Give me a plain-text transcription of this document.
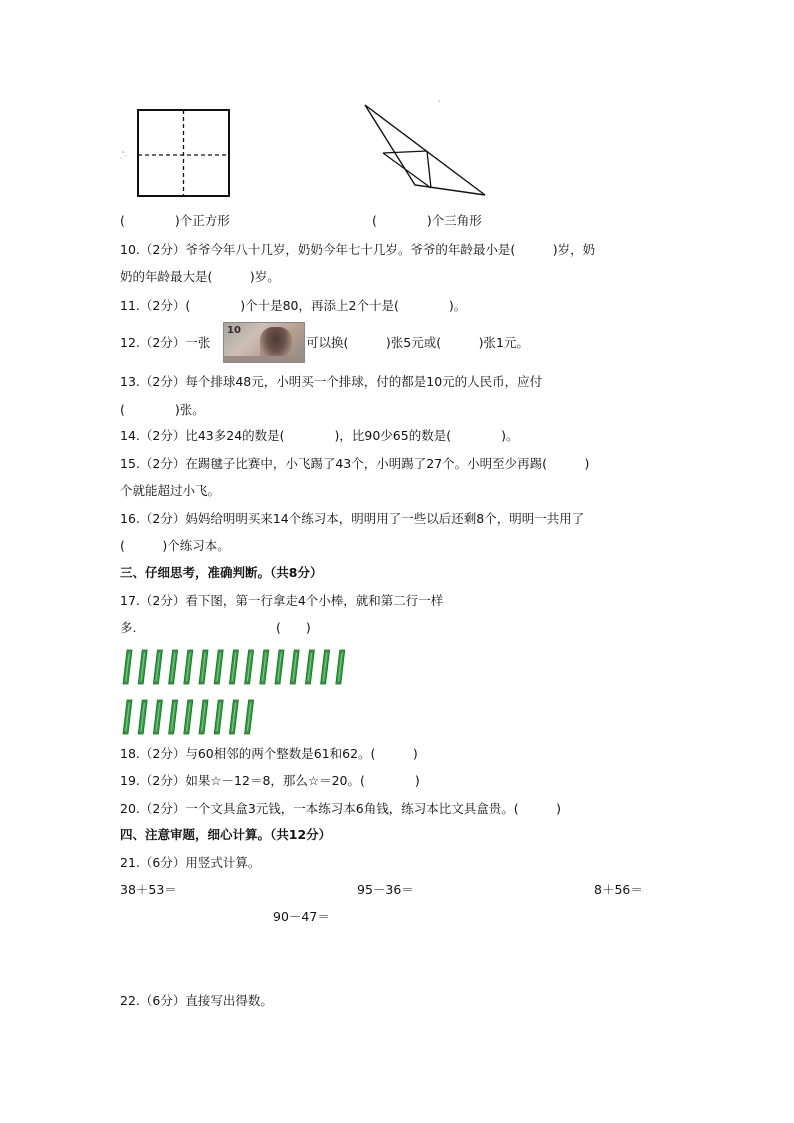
(　　　　)个正方形	(　　　　)个三角形
10.（2分）爷爷今年八十几岁，奶奶今年七十几岁。爷爷的年龄最小是(　　　)岁，奶
奶的年龄最大是(　　　)岁。
11.（2分）(　　　　)个十是80，再添上2个十是(　　　　)。
12.（2分）一张
10
可以换(　　　)张5元或(　　　)张1元。
13.（2分）每个排球48元，小明买一个排球，付的都是10元的人民币，应付
(　　　　)张。
14.（2分）比43多24的数是(　　　　)，比90少65的数是(　　　　)。
15.（2分）在踢毽子比赛中，小飞踢了43个，小明踢了27个。小明至少再踢(　　　)
个就能超过小飞。
16.（2分）妈妈给明明买来14个练习本，明明用了一些以后还剩8个，明明一共用了
(　　　)个练习本。
三、仔细思考，准确判断。（共8分）
17.（2分）看下图，第一行拿走4个小棒，就和第二行一样
多.	(　　)
18.（2分）与60相邻的两个整数是61和62。(　　　)
19.（2分）如果☆－12＝8，那么☆＝20。(　　　　)
20.（2分）一个文具盒3元钱，一本练习本6角钱，练习本比文具盒贵。(　　　)
四、注意审题，细心计算。（共12分）
21.（6分）用竖式计算。
38＋53＝	95－36＝	8＋56＝
90－47＝
22.（6分）直接写出得数。
